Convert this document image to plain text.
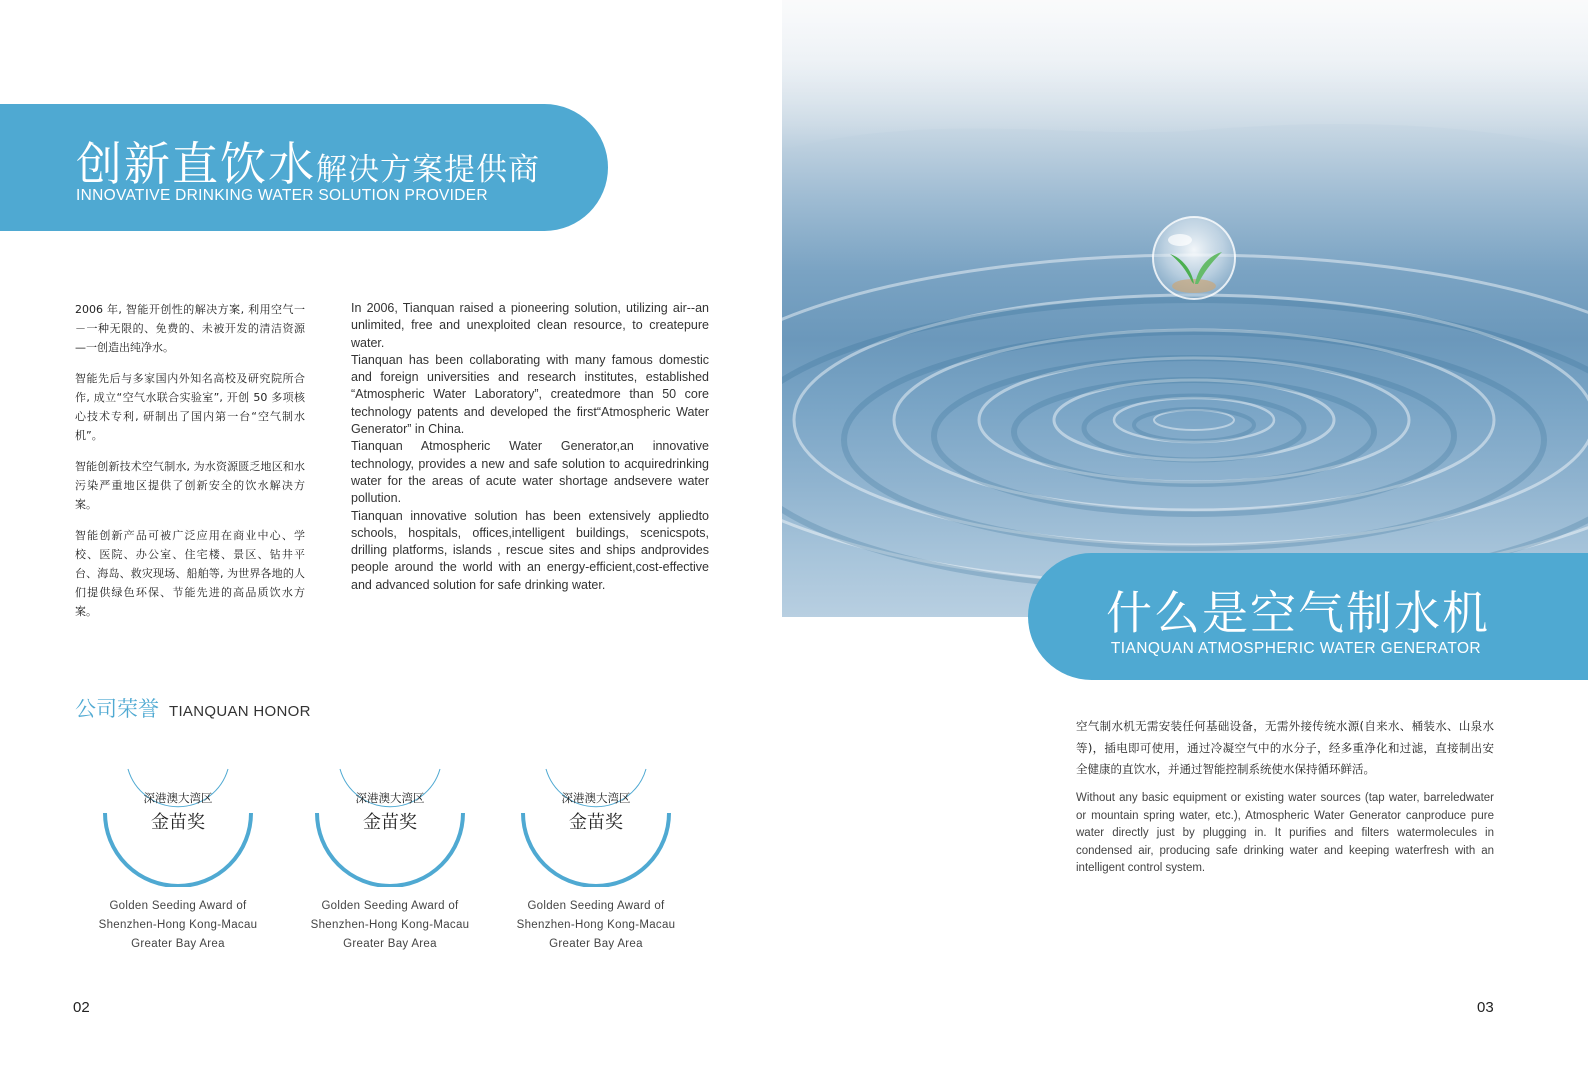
创新直饮水解决方案提供商
INNOVATIVE DRINKING WATER SOLUTION PROVIDER

2006 年, 智能开创性的解决方案, 利用空气一－一种无限的、免费的、未被开发的清洁资源—一创造出纯净水。

智能先后与多家国内外知名高校及研究院所合作, 成立“空气水联合实验室”, 开创 50 多项核心技术专利, 研制出了国内第一台“空气制水机”。

智能创新技术空气制水, 为水资源匮乏地区和水污染严重地区提供了创新安全的饮水解决方案。

智能创新产品可被广泛应用在商业中心、学校、医院、办公室、住宅楼、景区、钻井平台、海岛、救灾现场、船舶等, 为世界各地的人们提供绿色环保、节能先进的高品质饮水方案。

In 2006, Tianquan raised a pioneering solution, utilizing air--an unlimited, free and unexploited clean resource, to createpure water.

Tianquan has been collaborating with many famous domestic and foreign universities and research institutes, established “Atmospheric Water Laboratory”, createdmore than 50 core technology patents and developed the first“Atmospheric Water Generator” in China.

Tianquan Atmospheric Water Generator,an innovative technology, provides a new and safe solution to acquiredrinking water for the areas of acute water shortage andsevere water pollution.

Tianquan innovative solution has been extensively appliedto schools, hospitals, offices,intelligent buildings, scenicspots, drilling platforms, islands , rescue sites and ships andprovides people around the world with an energy-efficient,cost-effective and advanced solution for safe drinking water.

公司荣誉 TIANQUAN HONOR
深港澳大湾区
金苗奖
Golden Seeding Award of
Shenzhen-Hong Kong-Macau
Greater Bay Area
深港澳大湾区
金苗奖
Golden Seeding Award of
Shenzhen-Hong Kong-Macau
Greater Bay Area
深港澳大湾区
金苗奖
Golden Seeding Award of
Shenzhen-Hong Kong-Macau
Greater Bay Area
02
什么是空气制水机
TIANQUAN ATMOSPHERIC WATER GENERATOR
空气制水机无需安装任何基础设备，无需外接传统水源(自来水、桶装水、山泉水等)，插电即可使用，通过冷凝空气中的水分子，经多重净化和过滤，直接制出安全健康的直饮水，并通过智能控制系统使水保持循环鲜活。
Without any basic equipment or existing water sources (tap water, barreledwater or mountain spring water, etc.), Atmospheric Water Generator canproduce pure water directly just by plugging in. It purifies and filters watermolecules in condensed air, producing safe drinking water and keeping waterfresh with an intelligent control system.
03
